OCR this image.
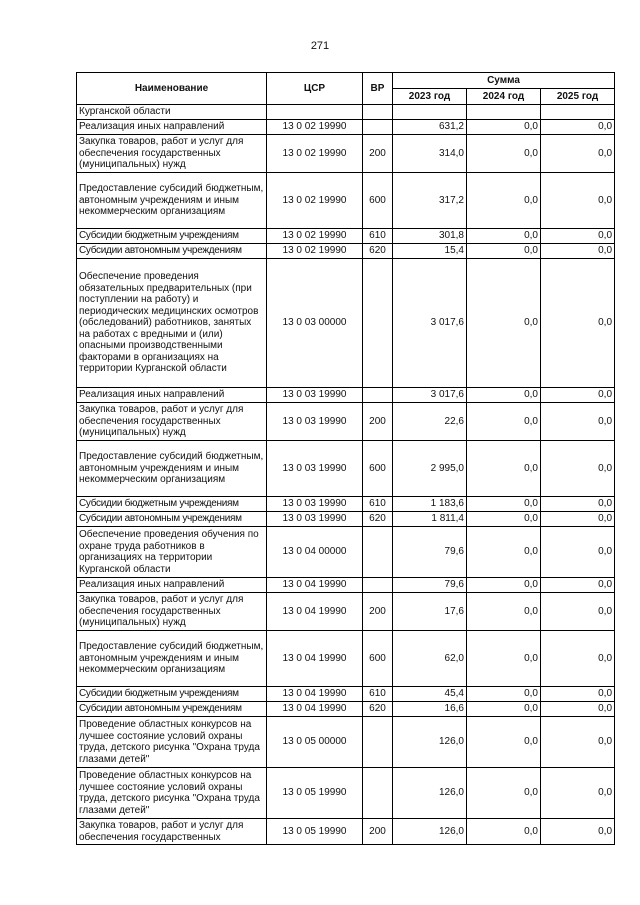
271
Наименование	ЦСР	ВР	Сумма		
			2023 год	2024 год	2025 год
Курганской области					
Реализация иных направлений	13 0 02 19990		631,2	0,0	0,0
Закупка товаров, работ и услуг для обеспечения государственных (муниципальных) нужд	13 0 02 19990	200	314,0	0,0	0,0
Предоставление субсидий бюджетным, автономным учреждениям и иным некоммерческим организациям	13 0 02 19990	600	317,2	0,0	0,0
Субсидии бюджетным учреждениям	13 0 02 19990	610	301,8	0,0	0,0
Субсидии автономным учреждениям	13 0 02 19990	620	15,4	0,0	0,0
Обеспечение проведения обязательных предварительных (при поступлении на работу) и периодических медицинских осмотров (обследований) работников, занятых на работах с вредными и (или) опасными производственными факторами в организациях на территории Курганской области	13 0 03 00000		3 017,6	0,0	0,0
Реализация иных направлений	13 0 03 19990		3 017,6	0,0	0,0
Закупка товаров, работ и услуг для обеспечения государственных (муниципальных) нужд	13 0 03 19990	200	22,6	0,0	0,0
Предоставление субсидий бюджетным, автономным учреждениям и иным некоммерческим организациям	13 0 03 19990	600	2 995,0	0,0	0,0
Субсидии бюджетным учреждениям	13 0 03 19990	610	1 183,6	0,0	0,0
Субсидии автономным учреждениям	13 0 03 19990	620	1 811,4	0,0	0,0
Обеспечение проведения обучения по охране труда работников в организациях на территории Курганской области	13 0 04 00000		79,6	0,0	0,0
Реализация иных направлений	13 0 04 19990		79,6	0,0	0,0
Закупка товаров, работ и услуг для обеспечения государственных (муниципальных) нужд	13 0 04 19990	200	17,6	0,0	0,0
Предоставление субсидий бюджетным, автономным учреждениям и иным некоммерческим организациям	13 0 04 19990	600	62,0	0,0	0,0
Субсидии бюджетным учреждениям	13 0 04 19990	610	45,4	0,0	0,0
Субсидии автономным учреждениям	13 0 04 19990	620	16,6	0,0	0,0
Проведение областных конкурсов на лучшее состояние условий охраны труда, детского рисунка "Охрана труда глазами детей"	13 0 05 00000		126,0	0,0	0,0
Проведение областных конкурсов на лучшее состояние условий охраны труда, детского рисунка "Охрана труда глазами детей"	13 0 05 19990		126,0	0,0	0,0
Закупка товаров, работ и услуг для обеспечения государственных	13 0 05 19990	200	126,0	0,0	0,0
